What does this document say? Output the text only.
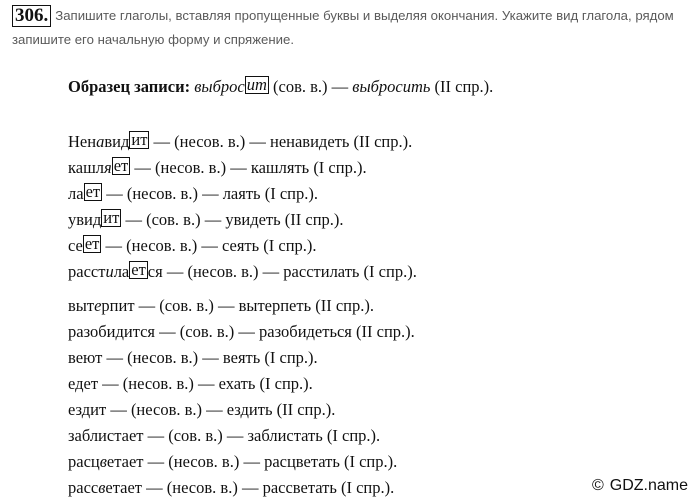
306. Запишите глаголы, вставляя пропущенные буквы и выделяя окончания. Укажите вид глагола, рядом запишите его начальную форму и спряжение.
Образец записи: выброс ит (сов. в.) — выбросить (II спр.).
Ненавид ит — (несов. в.) — ненавидеть (II спр.).
кашля ет — (несов. в.) — кашлять (I спр.).
ла ет — (несов. в.) — лаять (I спр.).
увид ит — (сов. в.) — увидеть (II спр.).
се ет — (несов. в.) — сеять (I спр.).
расстила ет ся — (несов. в.) — расстилать (I спр.).
вытерпит — (сов. в.) — вытерпеть (II спр.).
разобидится — (сов. в.) — разобидеться (II спр.).
веют — (несов. в.) — веять (I спр.).
едет — (несов. в.) — ехать (I спр.).
ездит — (несов. в.) — ездить (II спр.).
заблистает — (сов. в.) — заблистать (I спр.).
расцветает — (несов. в.) — расцветать (I спр.).
рассветает — (несов. в.) — рассветать (I спр.).	© GDZ.name
